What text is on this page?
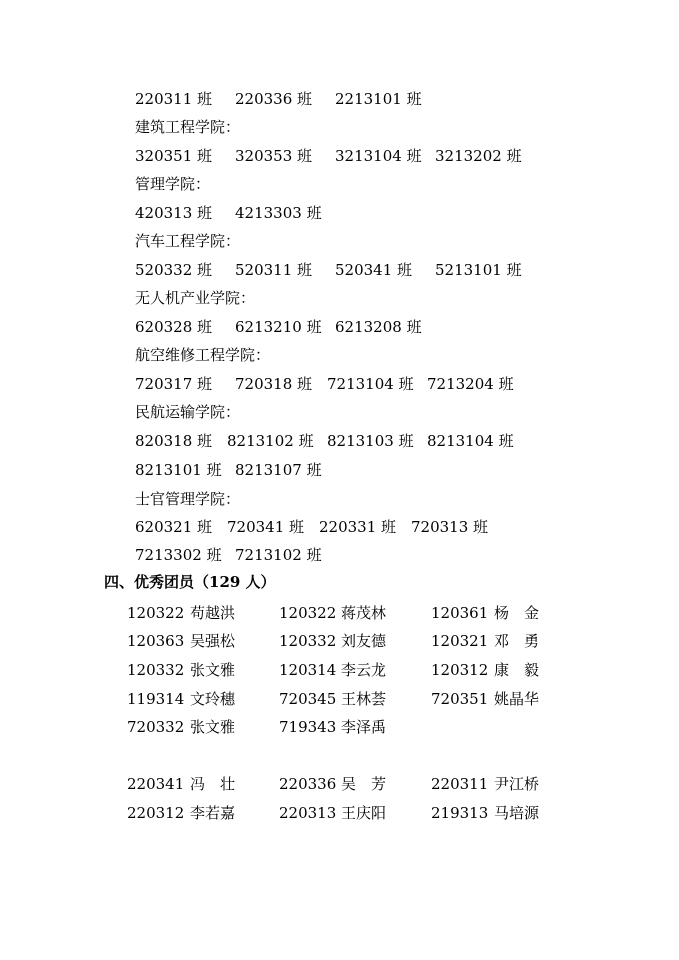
220311 班 220336 班 2213101 班
建筑工程学院：
320351 班 320353 班 3213104 班 3213202 班
管理学院：
420313 班 4213303 班
汽车工程学院：
520332 班 520311 班 520341 班 5213101 班
无人机产业学院：
620328 班 6213210 班 6213208 班
航空维修工程学院：
720317 班 720318 班 7213104 班 7213204 班
民航运输学院：
820318 班 8213102 班 8213103 班 8213104 班
8213101 班 8213107 班
士官管理学院：
620321 班 720341 班 220331 班 720313 班
7213302 班 7213102 班
四、优秀团员（129 人）
120322 苟越洪	120322 蒋茂林	120361 杨　金
120363 吴强松	120332 刘友德	120321 邓　勇
120332 张文雅	120314 李云龙	120312 康　毅
119314 文玲穗	720345 王林荟	720351 姚晶华
720332 张文雅	719343 李泽禹
220341 冯　壮	220336 吴　芳	220311 尹江桥
220312 李若嘉	220313 王庆阳	219313 马培源
